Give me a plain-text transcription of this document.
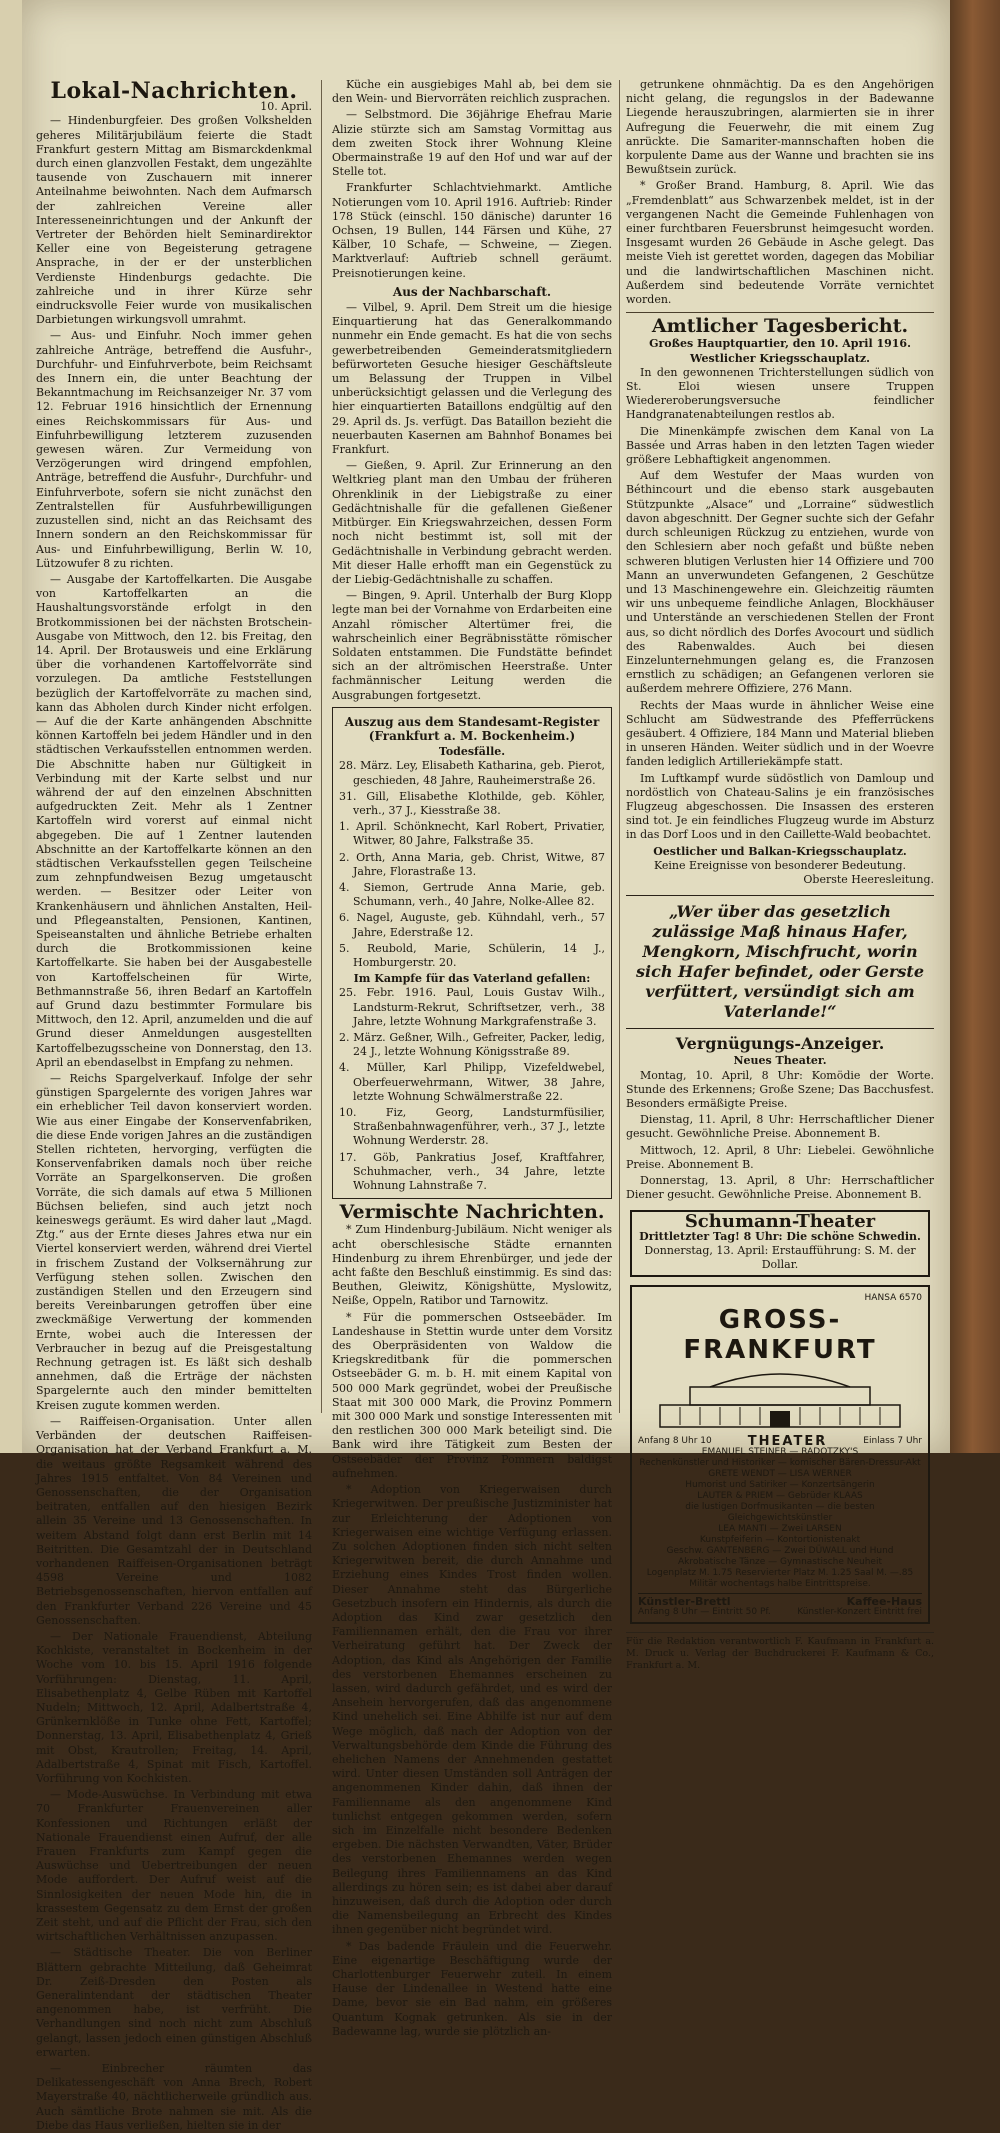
Lokal-Nachrichten.
10. April.

— Hindenburgfeier. Des großen Volkshelden geheres Militärjubiläum feierte die Stadt Frankfurt gestern Mittag am Bismarckdenkmal durch einen glanzvollen Festakt, dem ungezählte tausende von Zuschauern mit innerer Anteilnahme beiwohnten. Nach dem Aufmarsch der zahlreichen Vereine aller Interesseneinrichtungen und der Ankunft der Vertreter der Behörden hielt Seminardirektor Keller eine von Begeisterung getragene Ansprache, in der er der unsterblichen Verdienste Hindenburgs gedachte. Die zahlreiche und in ihrer Kürze sehr eindrucksvolle Feier wurde von musikalischen Darbietungen wirkungsvoll umrahmt.

— Aus- und Einfuhr. Noch immer gehen zahlreiche Anträge, betreffend die Ausfuhr-, Durchfuhr- und Einfuhrverbote, beim Reichsamt des Innern ein, die unter Beachtung der Bekanntmachung im Reichsanzeiger Nr. 37 vom 12. Februar 1916 hinsichtlich der Ernennung eines Reichskommissars für Aus- und Einfuhrbewilligung letzterem zuzusenden gewesen wären. Zur Vermeidung von Verzögerungen wird dringend empfohlen, Anträge, betreffend die Ausfuhr-, Durchfuhr- und Einfuhrverbote, sofern sie nicht zunächst den Zentralstellen für Ausfuhrbewilligungen zuzustellen sind, nicht an das Reichsamt des Innern sondern an den Reichskommissar für Aus- und Einfuhrbewilligung, Berlin W. 10, Lützowufer 8 zu richten.

— Ausgabe der Kartoffelkarten. Die Ausgabe von Kartoffelkarten an die Haushaltungsvorstände erfolgt in den Brotkommissionen bei der nächsten Brotschein-Ausgabe von Mittwoch, den 12. bis Freitag, den 14. April. Der Brotausweis und eine Erklärung über die vorhandenen Kartoffelvorräte sind vorzulegen. Da amtliche Feststellungen bezüglich der Kartoffelvorräte zu machen sind, kann das Abholen durch Kinder nicht erfolgen. — Auf die der Karte anhängenden Abschnitte können Kartoffeln bei jedem Händler und in den städtischen Verkaufsstellen entnommen werden. Die Abschnitte haben nur Gültigkeit in Verbindung mit der Karte selbst und nur während der auf den einzelnen Abschnitten aufgedruckten Zeit. Mehr als 1 Zentner Kartoffeln wird vorerst auf einmal nicht abgegeben. Die auf 1 Zentner lautenden Abschnitte an der Kartoffelkarte können an den städtischen Verkaufsstellen gegen Teilscheine zum zehnpfundweisen Bezug umgetauscht werden. — Besitzer oder Leiter von Krankenhäusern und ähnlichen Anstalten, Heil- und Pflegeanstalten, Pensionen, Kantinen, Speiseanstalten und ähnliche Betriebe erhalten durch die Brotkommissionen keine Kartoffelkarte. Sie haben bei der Ausgabestelle von Kartoffelscheinen für Wirte, Bethmannstraße 56, ihren Bedarf an Kartoffeln auf Grund dazu bestimmter Formulare bis Mittwoch, den 12. April, anzumelden und die auf Grund dieser Anmeldungen ausgestellten Kartoffelbezugsscheine von Donnerstag, den 13. April an ebendaselbst in Empfang zu nehmen.

— Reichs Spargelverkauf. Infolge der sehr günstigen Spargelernte des vorigen Jahres war ein erheblicher Teil davon konserviert worden. Wie aus einer Eingabe der Konservenfabriken, die diese Ende vorigen Jahres an die zuständigen Stellen richteten, hervorging, verfügten die Konservenfabriken damals noch über reiche Vorräte an Spargelkonserven. Die großen Vorräte, die sich damals auf etwa 5 Millionen Büchsen beliefen, sind auch jetzt noch keineswegs geräumt. Es wird daher laut „Magd. Ztg.“ aus der Ernte dieses Jahres etwa nur ein Viertel konserviert werden, während drei Viertel in frischem Zustand der Volksernährung zur Verfügung stehen sollen. Zwischen den zuständigen Stellen und den Erzeugern sind bereits Vereinbarungen getroffen über eine zweckmäßige Verwertung der kommenden Ernte, wobei auch die Interessen der Verbraucher in bezug auf die Preisgestaltung Rechnung getragen ist. Es läßt sich deshalb annehmen, daß die Erträge der nächsten Spargelernte auch den minder bemittelten Kreisen zugute kommen werden.

— Raiffeisen-Organisation. Unter allen Verbänden der deutschen Raiffeisen-Organisation hat der Verband Frankfurt a. M. die weitaus größte Regsamkeit während des Jahres 1915 entfaltet. Von 84 Vereinen und Genossenschaften, die der Organisation beitraten, entfallen auf den hiesigen Bezirk allein 35 Vereine und 13 Genossenschaften. In weitem Abstand folgt dann erst Berlin mit 14 Beitritten. Die Gesamtzahl der in Deutschland vorhandenen Raiffeisen-Organisationen beträgt 4598 Vereine und 1082 Betriebsgenossenschaften, hiervon entfallen auf den Frankfurter Verband 226 Vereine und 45 Genossenschaften.

— Der Nationale Frauendienst, Abteilung Kochkiste, veranstaltet in Bockenheim in der Woche vom 10. bis 15. April 1916 folgende Vorführungen: Dienstag, 11. April, Elisabethenplatz 4, Gelbe Rüben mit Kartoffel Nudeln; Mittwoch, 12. April, Adalbertstraße 4, Grünkernklöße in Tunke ohne Fett, Kartoffel; Donnerstag, 13. April, Elisabethenplatz 4, Grieß mit Obst, Krautrollen; Freitag, 14. April, Adalbertstraße 4, Spinat mit Fisch, Kartoffel. Vorführung von Kochkisten.

— Mode-Auswüchse. In Verbindung mit etwa 70 Frankfurter Frauenvereinen aller Konfessionen und Richtungen erläßt der Nationale Frauendienst einen Aufruf, der alle Frauen Frankfurts zum Kampf gegen die Auswüchse und Uebertreibungen der neuen Mode auffordert. Der Aufruf weist auf die Sinnlosigkeiten der neuen Mode hin, die in krassestem Gegensatz zu dem Ernst der großen Zeit steht, und auf die Pflicht der Frau, sich den wirtschaftlichen Verhältnissen anzupassen.

— Städtische Theater. Die von Berliner Blättern gebrachte Mitteilung, daß Geheimrat Dr. Zeiß-Dresden den Posten als Generalintendant der städtischen Theater angenommen habe, ist verfrüht. Die Verhandlungen sind noch nicht zum Abschluß gelangt, lassen jedoch einen günstigen Abschluß erwarten.

— Einbrecher räumten das Delikatessengeschäft von Anna Brech, Robert Mayerstraße 40, nächtlicherweile gründlich aus. Auch sämtliche Brote nahmen sie mit. Als die Diebe das Haus verließen, hielten sie in der

Küche ein ausgiebiges Mahl ab, bei dem sie den Wein- und Biervorräten reichlich zusprachen.

— Selbstmord. Die 36jährige Ehefrau Marie Alizie stürzte sich am Samstag Vormittag aus dem zweiten Stock ihrer Wohnung Kleine Obermainstraße 19 auf den Hof und war auf der Stelle tot.

Frankfurter Schlachtviehmarkt. Amtliche Notierungen vom 10. April 1916. Auftrieb: Rinder 178 Stück (einschl. 150 dänische) darunter 16 Ochsen, 19 Bullen, 144 Färsen und Kühe, 27 Kälber, 10 Schafe, — Schweine, — Ziegen. Marktverlauf: Auftrieb schnell geräumt. Preisnotierungen keine.

Aus der Nachbarschaft.

— Vilbel, 9. April. Dem Streit um die hiesige Einquartierung hat das Generalkommando nunmehr ein Ende gemacht. Es hat die von sechs gewerbetreibenden Gemeinderatsmitgliedern befürworteten Gesuche hiesiger Geschäftsleute um Belassung der Truppen in Vilbel unberücksichtigt gelassen und die Verlegung des hier einquartierten Bataillons endgültig auf den 29. April ds. Js. verfügt. Das Bataillon bezieht die neuerbauten Kasernen am Bahnhof Bonames bei Frankfurt.

— Gießen, 9. April. Zur Erinnerung an den Weltkrieg plant man den Umbau der früheren Ohrenklinik in der Liebigstraße zu einer Gedächtnishalle für die gefallenen Gießener Mitbürger. Ein Kriegswahrzeichen, dessen Form noch nicht bestimmt ist, soll mit der Gedächtnishalle in Verbindung gebracht werden. Mit dieser Halle erhofft man ein Gegenstück zu der Liebig-Gedächtnishalle zu schaffen.

— Bingen, 9. April. Unterhalb der Burg Klopp legte man bei der Vornahme von Erdarbeiten eine Anzahl römischer Altertümer frei, die wahrscheinlich einer Begräbnisstätte römischer Soldaten entstammen. Die Fundstätte befindet sich an der altrömischen Heerstraße. Unter fachmännischer Leitung werden die Ausgrabungen fortgesetzt.

Auszug aus dem Standesamt-Register (Frankfurt a. M. Bockenheim.)
Todesfälle.

28. März. Ley, Elisabeth Katharina, geb. Pierot, geschieden, 48 Jahre, Rauheimerstraße 26.

31. Gill, Elisabethe Klothilde, geb. Köhler, verh., 37 J., Kiesstraße 38.

1. April. Schönknecht, Karl Robert, Privatier, Witwer, 80 Jahre, Falkstraße 35.

2. Orth, Anna Maria, geb. Christ, Witwe, 87 Jahre, Florastraße 13.

4. Siemon, Gertrude Anna Marie, geb. Schumann, verh., 40 Jahre, Nolke-Allee 82.

6. Nagel, Auguste, geb. Kühndahl, verh., 57 Jahre, Ederstraße 12.

5. Reubold, Marie, Schülerin, 14 J., Homburgerstr. 20.

Im Kampfe für das Vaterland gefallen:

25. Febr. 1916. Paul, Louis Gustav Wilh., Landsturm-Rekrut, Schriftsetzer, verh., 38 Jahre, letzte Wohnung Markgrafenstraße 3.

2. März. Geßner, Wilh., Gefreiter, Packer, ledig, 24 J., letzte Wohnung Königsstraße 89.

4. Müller, Karl Philipp, Vizefeldwebel, Oberfeuerwehrmann, Witwer, 38 Jahre, letzte Wohnung Schwälmerstraße 22.

10. Fiz, Georg, Landsturmfüsilier, Straßenbahnwagenführer, verh., 37 J., letzte Wohnung Werderstr. 28.

17. Göb, Pankratius Josef, Kraftfahrer, Schuhmacher, verh., 34 Jahre, letzte Wohnung Lahnstraße 7.

Vermischte Nachrichten.

* Zum Hindenburg-Jubiläum. Nicht weniger als acht oberschlesische Städte ernannten Hindenburg zu ihrem Ehrenbürger, und jede der acht faßte den Beschluß einstimmig. Es sind das: Beuthen, Gleiwitz, Königshütte, Myslowitz, Neiße, Oppeln, Ratibor und Tarnowitz.

* Für die pommerschen Ostseebäder. Im Landeshause in Stettin wurde unter dem Vorsitz des Oberpräsidenten von Waldow die Kriegskreditbank für die pommerschen Ostseebäder G. m. b. H. mit einem Kapital von 500 000 Mark gegründet, wobei der Preußische Staat mit 300 000 Mark, die Provinz Pommern mit 300 000 Mark und sonstige Interessenten mit den restlichen 300 000 Mark beteiligt sind. Die Bank wird ihre Tätigkeit zum Besten der Ostseebäder der Provinz Pommern baldigst aufnehmen.

* Adoption von Kriegerwaisen durch Kriegerwitwen. Der preußische Justizminister hat zur Erleichterung der Adoptionen von Kriegerwaisen eine wichtige Verfügung erlassen. Zu solchen Adoptionen finden sich nicht selten Kriegerwitwen bereit, die durch Annahme und Erziehung eines Kindes Trost finden wollen. Dieser Annahme steht das Bürgerliche Gesetzbuch insofern ein Hindernis, als durch die Adoption das Kind zwar gesetzlich den Familiennamen erhält, den die Frau vor ihrer Verheiratung geführt hat. Der Zweck der Adoption, das Kind als Angehörigen der Familie des verstorbenen Ehemannes erscheinen zu lassen, wird dadurch gefährdet, und es wird der Ansehein hervorgerufen, daß das angenommene Kind unehelich sei. Eine Abhilfe ist nur auf dem Wege möglich, daß nach der Adoption von der Verwaltungsbehörde dem Kinde die Führung des ehelichen Namens der Annehmenden gestattet wird. Unter diesen Umständen soll Anträgen der angenommenen Kinder dahin, daß ihnen der Familienname als den angenommene Kind tunlichst entgegen gekommen werden, sofern sich im Einzelfalle nicht besondere Bedenken ergeben. Die nächsten Verwandten, Väter, Brüder des verstorbenen Ehemannes werden wegen Beilegung ihres Familiennamens an das Kind allerdings zu hören sein; es ist dabei aber darauf hinzuweisen, daß durch die Adoption oder durch die Namensbeilegung an Erbrecht des Kindes ihnen gegenüber nicht begründet wird.

* Das badende Fräulein und die Feuerwehr. Eine eigenartige Beschäftigung wurde der Charlottenburger Feuerwehr zuteil. In einem Hause der Lindenallee in Westend hatte eine Dame, bevor sie ein Bad nahm, ein größeres Quantum Kognak getrunken. Als sie in der Badewanne lag, wurde sie plötzlich an-

getrunkene ohnmächtig. Da es den Angehörigen nicht gelang, die regungslos in der Badewanne Liegende herauszubringen, alarmierten sie in ihrer Aufregung die Feuerwehr, die mit einem Zug anrückte. Die Samariter-mannschaften hoben die korpulente Dame aus der Wanne und brachten sie ins Bewußtsein zurück.

* Großer Brand. Hamburg, 8. April. Wie das „Fremdenblatt“ aus Schwarzenbek meldet, ist in der vergangenen Nacht die Gemeinde Fuhlenhagen von einer furchtbaren Feuersbrunst heimgesucht worden. Insgesamt wurden 26 Gebäude in Asche gelegt. Das meiste Vieh ist gerettet worden, dagegen das Mobiliar und die landwirtschaftlichen Maschinen nicht. Außerdem sind bedeutende Vorräte vernichtet worden.

Amtlicher Tagesbericht.
Großes Hauptquartier, den 10. April 1916.
Westlicher Kriegsschauplatz.

In den gewonnenen Trichterstellungen südlich von St. Eloi wiesen unsere Truppen Wiedereroberungsversuche feindlicher Handgranatenabteilungen restlos ab.

Die Minenkämpfe zwischen dem Kanal von La Bassée und Arras haben in den letzten Tagen wieder größere Lebhaftigkeit angenommen.

Auf dem Westufer der Maas wurden von Béthincourt und die ebenso stark ausgebauten Stützpunkte „Alsace“ und „Lorraine“ südwestlich davon abgeschnitt. Der Gegner suchte sich der Gefahr durch schleunigen Rückzug zu entziehen, wurde von den Schlesiern aber noch gefaßt und büßte neben schweren blutigen Verlusten hier 14 Offiziere und 700 Mann an unverwundeten Gefangenen, 2 Geschütze und 13 Maschinengewehre ein. Gleichzeitig räumten wir uns unbequeme feindliche Anlagen, Blockhäuser und Unterstände an verschiedenen Stellen der Front aus, so dicht nördlich des Dorfes Avocourt und südlich des Rabenwaldes. Auch bei diesen Einzelunternehmungen gelang es, die Franzosen ernstlich zu schädigen; an Gefangenen verloren sie außerdem mehrere Offiziere, 276 Mann.

Rechts der Maas wurde in ähnlicher Weise eine Schlucht am Südwestrande des Pfefferrückens gesäubert. 4 Offiziere, 184 Mann und Material blieben in unseren Händen. Weiter südlich und in der Woevre fanden lediglich Artilleriekämpfe statt.

Im Luftkampf wurde südöstlich von Damloup und nordöstlich von Chateau-Salins je ein französisches Flugzeug abgeschossen. Die Insassen des ersteren sind tot. Je ein feindliches Flugzeug wurde im Absturz in das Dorf Loos und in den Caillette-Wald beobachtet.

Oestlicher und Balkan-Kriegsschauplatz.
Keine Ereignisse von besonderer Bedeutung.
Oberste Heeresleitung.
„Wer über das gesetzlich zulässige Maß hinaus Hafer, Mengkorn, Mischfrucht, worin sich Hafer befindet, oder Gerste verfüttert, versündigt sich am Vaterlande!“
Vergnügungs-Anzeiger.
Neues Theater.

Montag, 10. April, 8 Uhr: Komödie der Worte. Stunde des Erkennens; Große Szene; Das Bacchusfest. Besonders ermäßigte Preise.

Dienstag, 11. April, 8 Uhr: Herrschaftlicher Diener gesucht. Gewöhnliche Preise. Abonnement B.

Mittwoch, 12. April, 8 Uhr: Liebelei. Gewöhnliche Preise. Abonnement B.

Donnerstag, 13. April, 8 Uhr: Herrschaftlicher Diener gesucht. Gewöhnliche Preise. Abonnement B.

Schumann-Theater
Drittletzter Tag! 8 Uhr: Die schöne Schwedin.
Donnerstag, 13. April: Erstaufführung: S. M. der Dollar.
HANSA 6570
GROSS-FRANKFURT
Anfang 8 Uhr 10	THEATER	Einlass 7 Uhr
EMANUEL STEINER — RADOTZKY'S
Rechenkünstler und Historiker — komischer Bären-Dressur-Akt
GRETE WENDT — LISA WERNER
Humorist und Satiriker — Konzertsängerin
LAUTER & PRIEM — Gebrüder KLAAS
die lustigen Dorfmusikanten — die besten Gleichgewichtskünstler
LEA MANTI — Zwei LARSEN
Kunstpfeiferin — Kontortionistenakt
Geschw. GANTENBERG — Zwei DÜWALL und Hund
Akrobatische Tänze — Gymnastische Neuheit
Logenplatz M. 1.75 Reservierter Platz M. 1.25 Saal M. —.85
Militär wochentags halbe Eintrittspreise.
Künstler-Brettl	Kaffee-Haus
Anfang 8 Uhr — Eintritt 50 Pf.	Künstler-Konzert Eintritt frei
Für die Redaktion verantwortlich F. Kaufmann in Frankfurt a. M. Druck u. Verlag der Buchdruckerei F. Kaufmann & Co., Frankfurt a. M.
